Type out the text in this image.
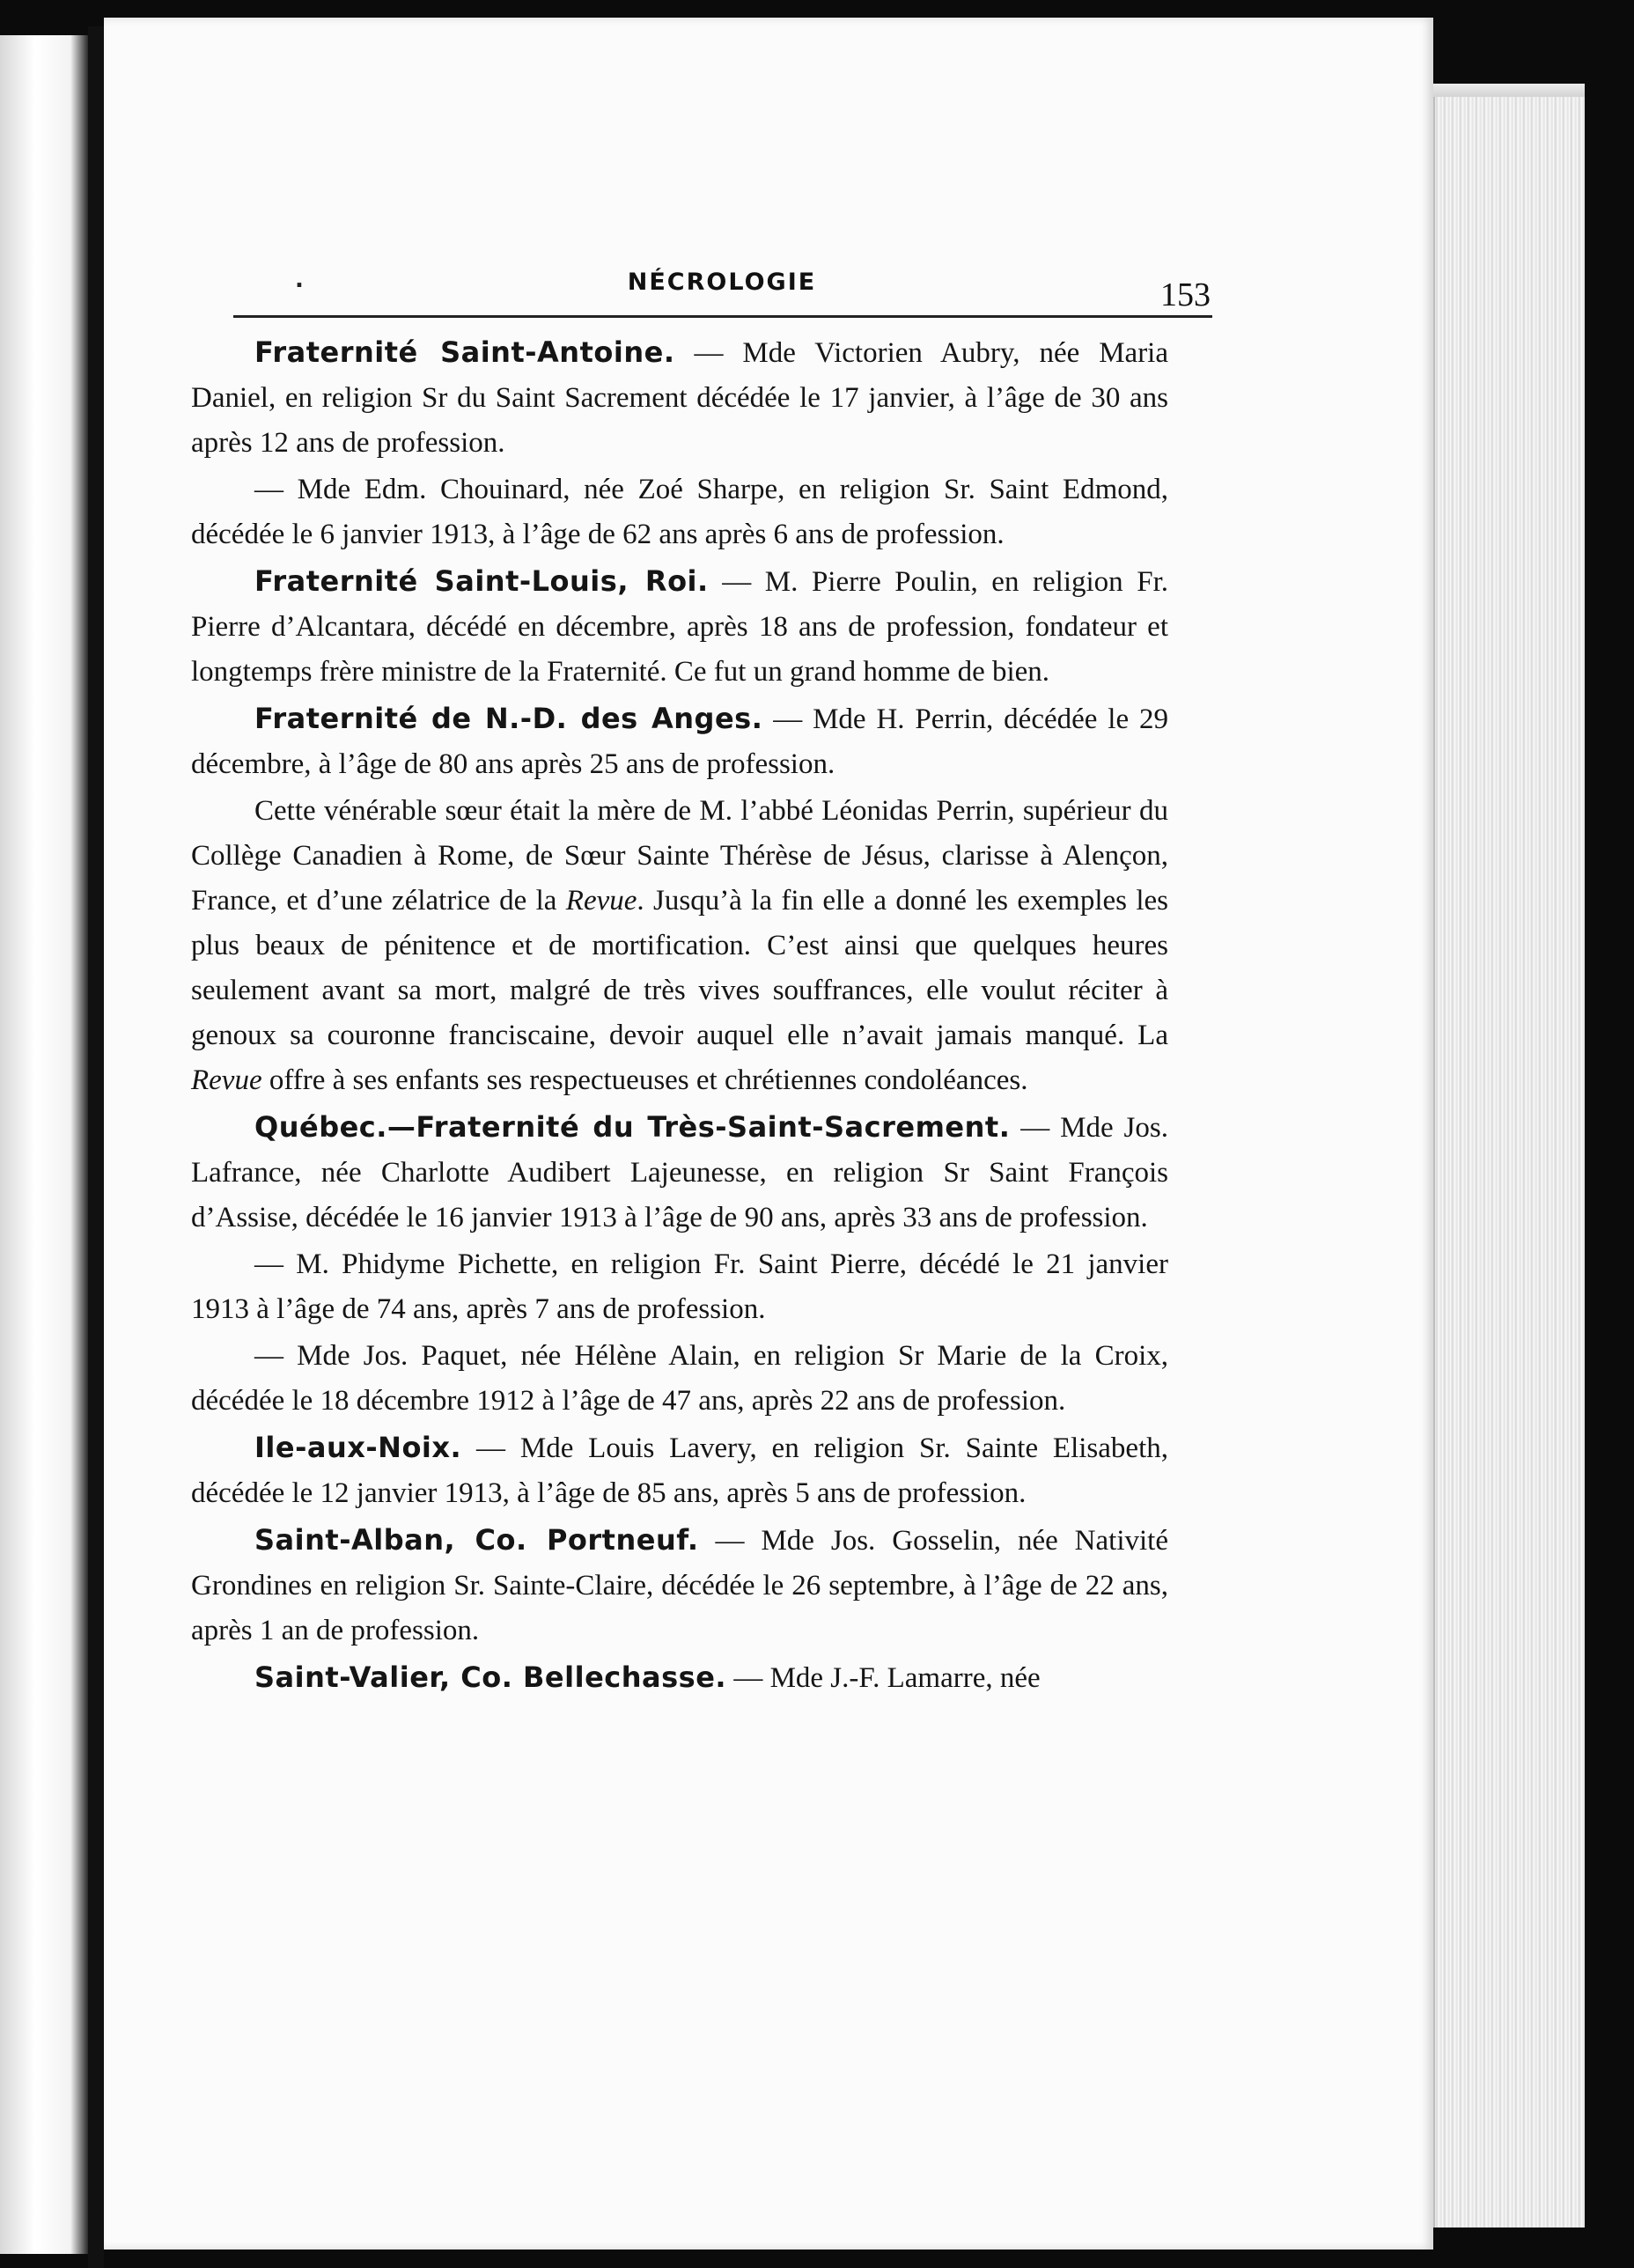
.	NÉCROLOGIE	153

Fraternité Saint-Antoine. — Mde Victorien Aubry, née Maria Daniel, en religion Sr du Saint Sacrement décédée le 17 janvier, à l’âge de 30 ans après 12 ans de profession.

— Mde Edm. Chouinard, née Zoé Sharpe, en religion Sr. Saint Edmond, décédée le 6 janvier 1913, à l’âge de 62 ans après 6 ans de profession.

Fraternité Saint-Louis, Roi. — M. Pierre Poulin, en religion Fr. Pierre d’Alcantara, décédé en décembre, après 18 ans de profession, fondateur et longtemps frère ministre de la Fraternité. Ce fut un grand homme de bien.

Fraternité de N.-D. des Anges. — Mde H. Perrin, décédée le 29 décembre, à l’âge de 80 ans après 25 ans de profession.

Cette vénérable sœur était la mère de M. l’abbé Léonidas Perrin, supérieur du Collège Canadien à Rome, de Sœur Sainte Thérèse de Jésus, clarisse à Alençon, France, et d’une zélatrice de la Revue. Jusqu’à la fin elle a donné les exemples les plus beaux de pénitence et de mortification. C’est ainsi que quelques heures seulement avant sa mort, malgré de très vives souffrances, elle voulut réciter à genoux sa couronne franciscaine, devoir auquel elle n’avait jamais manqué. La Revue offre à ses enfants ses respectueuses et chrétiennes condoléances.

Québec.—Fraternité du Très-Saint-Sacrement. — Mde Jos. Lafrance, née Charlotte Audibert Lajeunesse, en religion Sr Saint François d’Assise, décédée le 16 janvier 1913 à l’âge de 90 ans, après 33 ans de profession.

— M. Phidyme Pichette, en religion Fr. Saint Pierre, décédé le 21 janvier 1913 à l’âge de 74 ans, après 7 ans de profession.

— Mde Jos. Paquet, née Hélène Alain, en religion Sr Marie de la Croix, décédée le 18 décembre 1912 à l’âge de 47 ans, après 22 ans de profession.

Ile-aux-Noix. — Mde Louis Lavery, en religion Sr. Sainte Elisabeth, décédée le 12 janvier 1913, à l’âge de 85 ans, après 5 ans de profession.

Saint-Alban, Co. Portneuf. — Mde Jos. Gosselin, née Nativité Grondines en religion Sr. Sainte-Claire, décédée le 26 septembre, à l’âge de 22 ans, après 1 an de profession.

Saint-Valier, Co. Bellechasse. — Mde J.-F. Lamarre, née
